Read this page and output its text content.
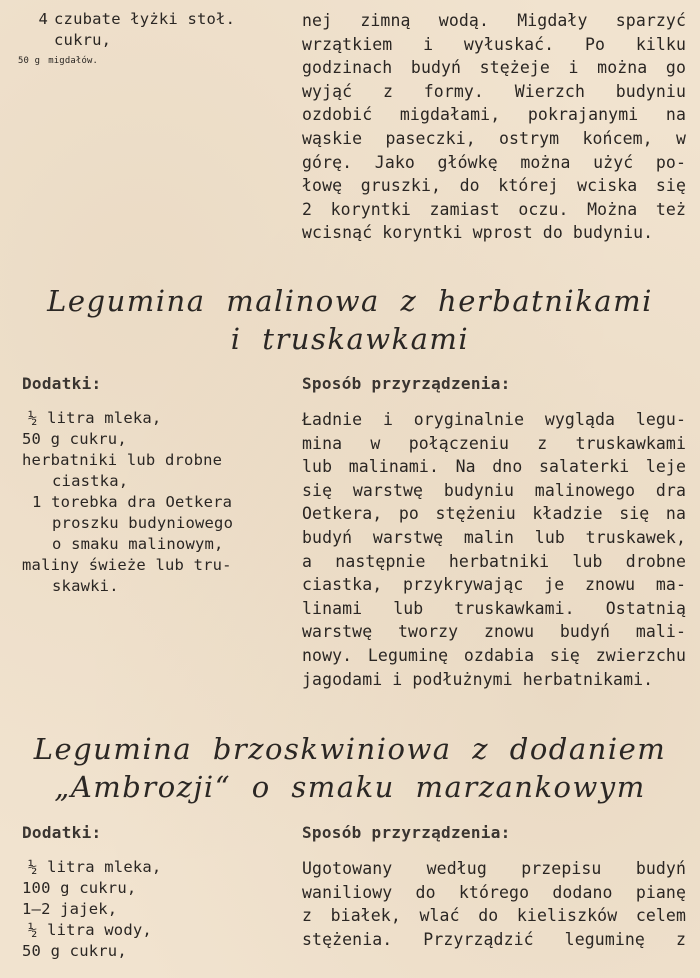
4 czubate łyżki stoł.
cukru,
50 g migdałów.
nej zimną wodą. Migdały sparzyć
wrzątkiem i wyłuskać. Po kilku
godzinach budyń stężeje i można go
wyjąć z formy. Wierzch budyniu
ozdobić migdałami, pokrajanymi na
wąskie paseczki, ostrym końcem, w
górę. Jako główkę można użyć po-
łowę gruszki, do której wciska się
2 koryntki zamiast oczu. Można też
wcisnąć koryntki wprost do budyniu.
Legumina malinowa z herbatnikami
i truskawkami
Dodatki:	Sposób przyrządzenia:
½ litra mleka,
50 g cukru,
herbatniki lub drobne
ciastka,
1 torebka dra Oetkera
proszku budyniowego
o smaku malinowym,
maliny świeże lub tru-
skawki.
Ładnie i oryginalnie wygląda legu-
mina w połączeniu z truskawkami
lub malinami. Na dno salaterki leje
się warstwę budyniu malinowego dra
Oetkera, po stężeniu kładzie się na
budyń warstwę malin lub truskawek,
a następnie herbatniki lub drobne
ciastka, przykrywając je znowu ma-
linami lub truskawkami. Ostatnią
warstwę tworzy znowu budyń mali-
nowy. Leguminę ozdabia się zwierzchu
jagodami i podłużnymi herbatnikami.
Legumina brzoskwiniowa z dodaniem
„Ambrozji“ o smaku marzankowym
Dodatki:	Sposób przyrządzenia:
½ litra mleka,
100 g cukru,
1—2 jajek,
½ litra wody,
50 g cukru,
Ugotowany według przepisu budyń
waniliowy do którego dodano pianę
z białek, wlać do kieliszków celem
stężenia. Przyrządzić leguminę z
